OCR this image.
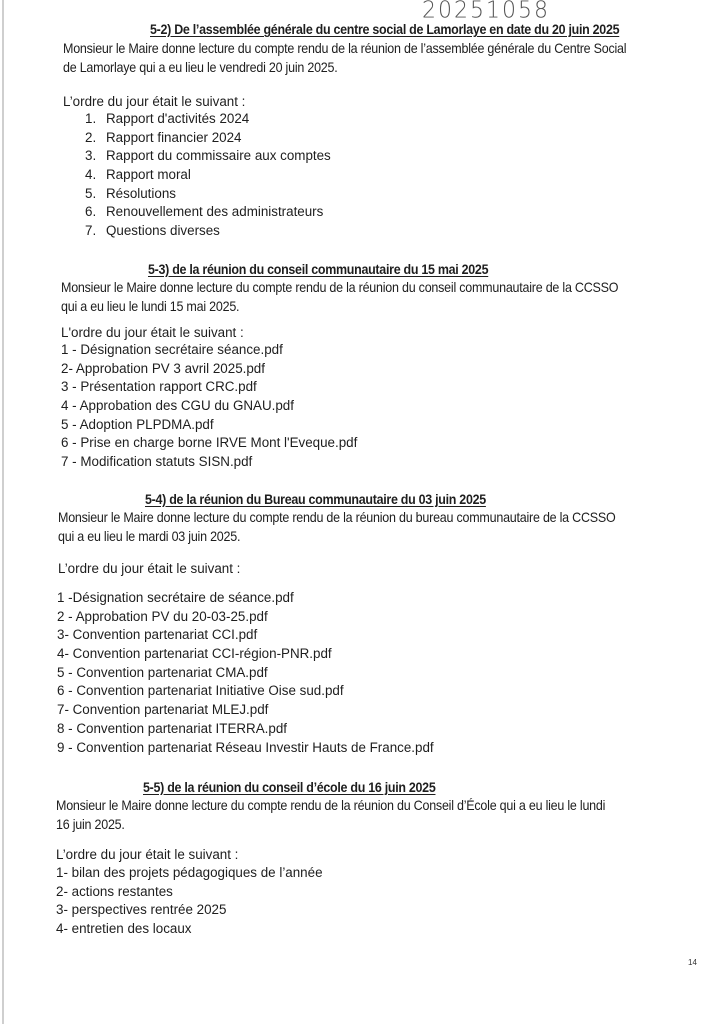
20251058
5-2) De l’assemblée générale du centre social de Lamorlaye en date du 20 juin 2025
Monsieur le Maire donne lecture du compte rendu de la réunion de l’assemblée générale du Centre Social
de Lamorlaye qui a eu lieu le vendredi 20 juin 2025.
L’ordre du jour était le suivant :
1. Rapport d'activités 2024
2. Rapport financier 2024
3. Rapport du commissaire aux comptes
4. Rapport moral
5. Résolutions
6. Renouvellement des administrateurs
7. Questions diverses
5-3) de la réunion du conseil communautaire du 15 mai 2025
Monsieur le Maire donne lecture du compte rendu de la réunion du conseil communautaire de la CCSSO
qui a eu lieu le lundi 15 mai 2025.
L'ordre du jour était le suivant :
1 - Désignation secrétaire séance.pdf
2- Approbation PV 3 avril 2025.pdf
3 - Présentation rapport CRC.pdf
4 - Approbation des CGU du GNAU.pdf
5 - Adoption PLPDMA.pdf
6 - Prise en charge borne IRVE Mont l'Eveque.pdf
7 - Modification statuts SISN.pdf
5-4) de la réunion du Bureau communautaire du 03 juin 2025
Monsieur le Maire donne lecture du compte rendu de la réunion du bureau communautaire de la CCSSO
qui a eu lieu le mardi 03 juin 2025.
L’ordre du jour était le suivant :
1 -Désignation secrétaire de séance.pdf
2 - Approbation PV du 20-03-25.pdf
3- Convention partenariat CCI.pdf
4- Convention partenariat CCI-région-PNR.pdf
5 - Convention partenariat CMA.pdf
6 - Convention partenariat Initiative Oise sud.pdf
7- Convention partenariat MLEJ.pdf
8 - Convention partenariat ITERRA.pdf
9 - Convention partenariat Réseau Investir Hauts de France.pdf
5-5) de la réunion du conseil d’école du 16 juin 2025
Monsieur le Maire donne lecture du compte rendu de la réunion du Conseil d’École qui a eu lieu le lundi
16 juin 2025.
L’ordre du jour était le suivant :
1- bilan des projets pédagogiques de l’année
2- actions restantes
3- perspectives rentrée 2025
4- entretien des locaux
14
